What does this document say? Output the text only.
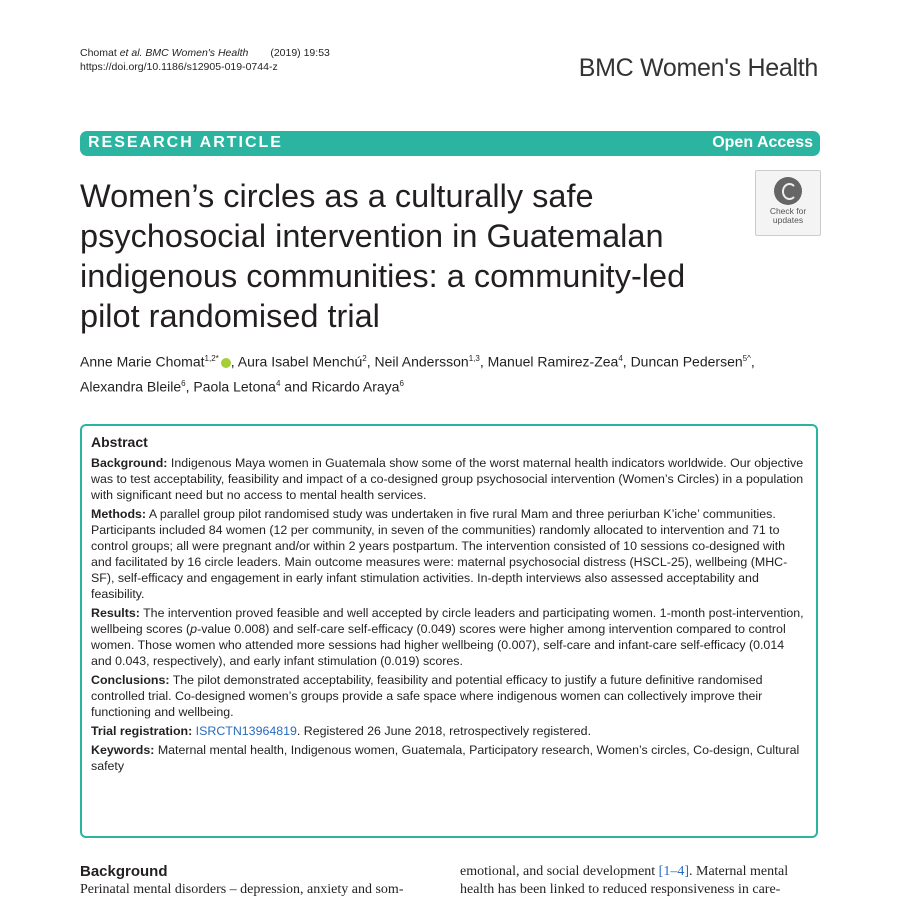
Chomat et al. BMC Women's Health (2019) 19:53
https://doi.org/10.1186/s12905-019-0744-z	BMC Women's Health
RESEARCH ARTICLE	Open Access
Women’s circles as a culturally safe psychosocial intervention in Guatemalan indigenous communities: a community-led pilot randomised trial
Check for
updates
Anne Marie Chomat$^{1,2*}$ , Aura Isabel Menchú$^2$, Neil Andersson$^{1,3}$, Manuel Ramirez-Zea$^4$, Duncan Pedersen$^{5\^{}}$,
Alexandra Bleile$^6$, Paola Letona$^4$ and Ricardo Araya$^6$
Abstract

Background: Indigenous Maya women in Guatemala show some of the worst maternal health indicators worldwide. Our objective was to test acceptability, feasibility and impact of a co-designed group psychosocial intervention (Women’s Circles) in a population with significant need but no access to mental health services.

Methods: A parallel group pilot randomised study was undertaken in five rural Mam and three periurban K’iche’ communities. Participants included 84 women (12 per community, in seven of the communities) randomly allocated to intervention and 71 to control groups; all were pregnant and/or within 2 years postpartum. The intervention consisted of 10 sessions co-designed with and facilitated by 16 circle leaders. Main outcome measures were: maternal psychosocial distress (HSCL-25), wellbeing (MHC-SF), self-efficacy and engagement in early infant stimulation activities. In-depth interviews also assessed acceptability and feasibility.

Results: The intervention proved feasible and well accepted by circle leaders and participating women. 1-month post-intervention, wellbeing scores (p-value 0.008) and self-care self-efficacy (0.049) scores were higher among intervention compared to control women. Those women who attended more sessions had higher wellbeing (0.007), self-care and infant-care self-efficacy (0.014 and 0.043, respectively), and early infant stimulation (0.019) scores.

Conclusions: The pilot demonstrated acceptability, feasibility and potential efficacy to justify a future definitive randomised controlled trial. Co-designed women’s groups provide a safe space where indigenous women can collectively improve their functioning and wellbeing.

Trial registration: ISRCTN13964819. Registered 26 June 2018, retrospectively registered.

Keywords: Maternal mental health, Indigenous women, Guatemala, Participatory research, Women’s circles, Co-design, Cultural safety

Background
Perinatal mental disorders – depression, anxiety and som-
emotional, and social development [1–4]. Maternal mental health has been linked to reduced responsiveness in care-
